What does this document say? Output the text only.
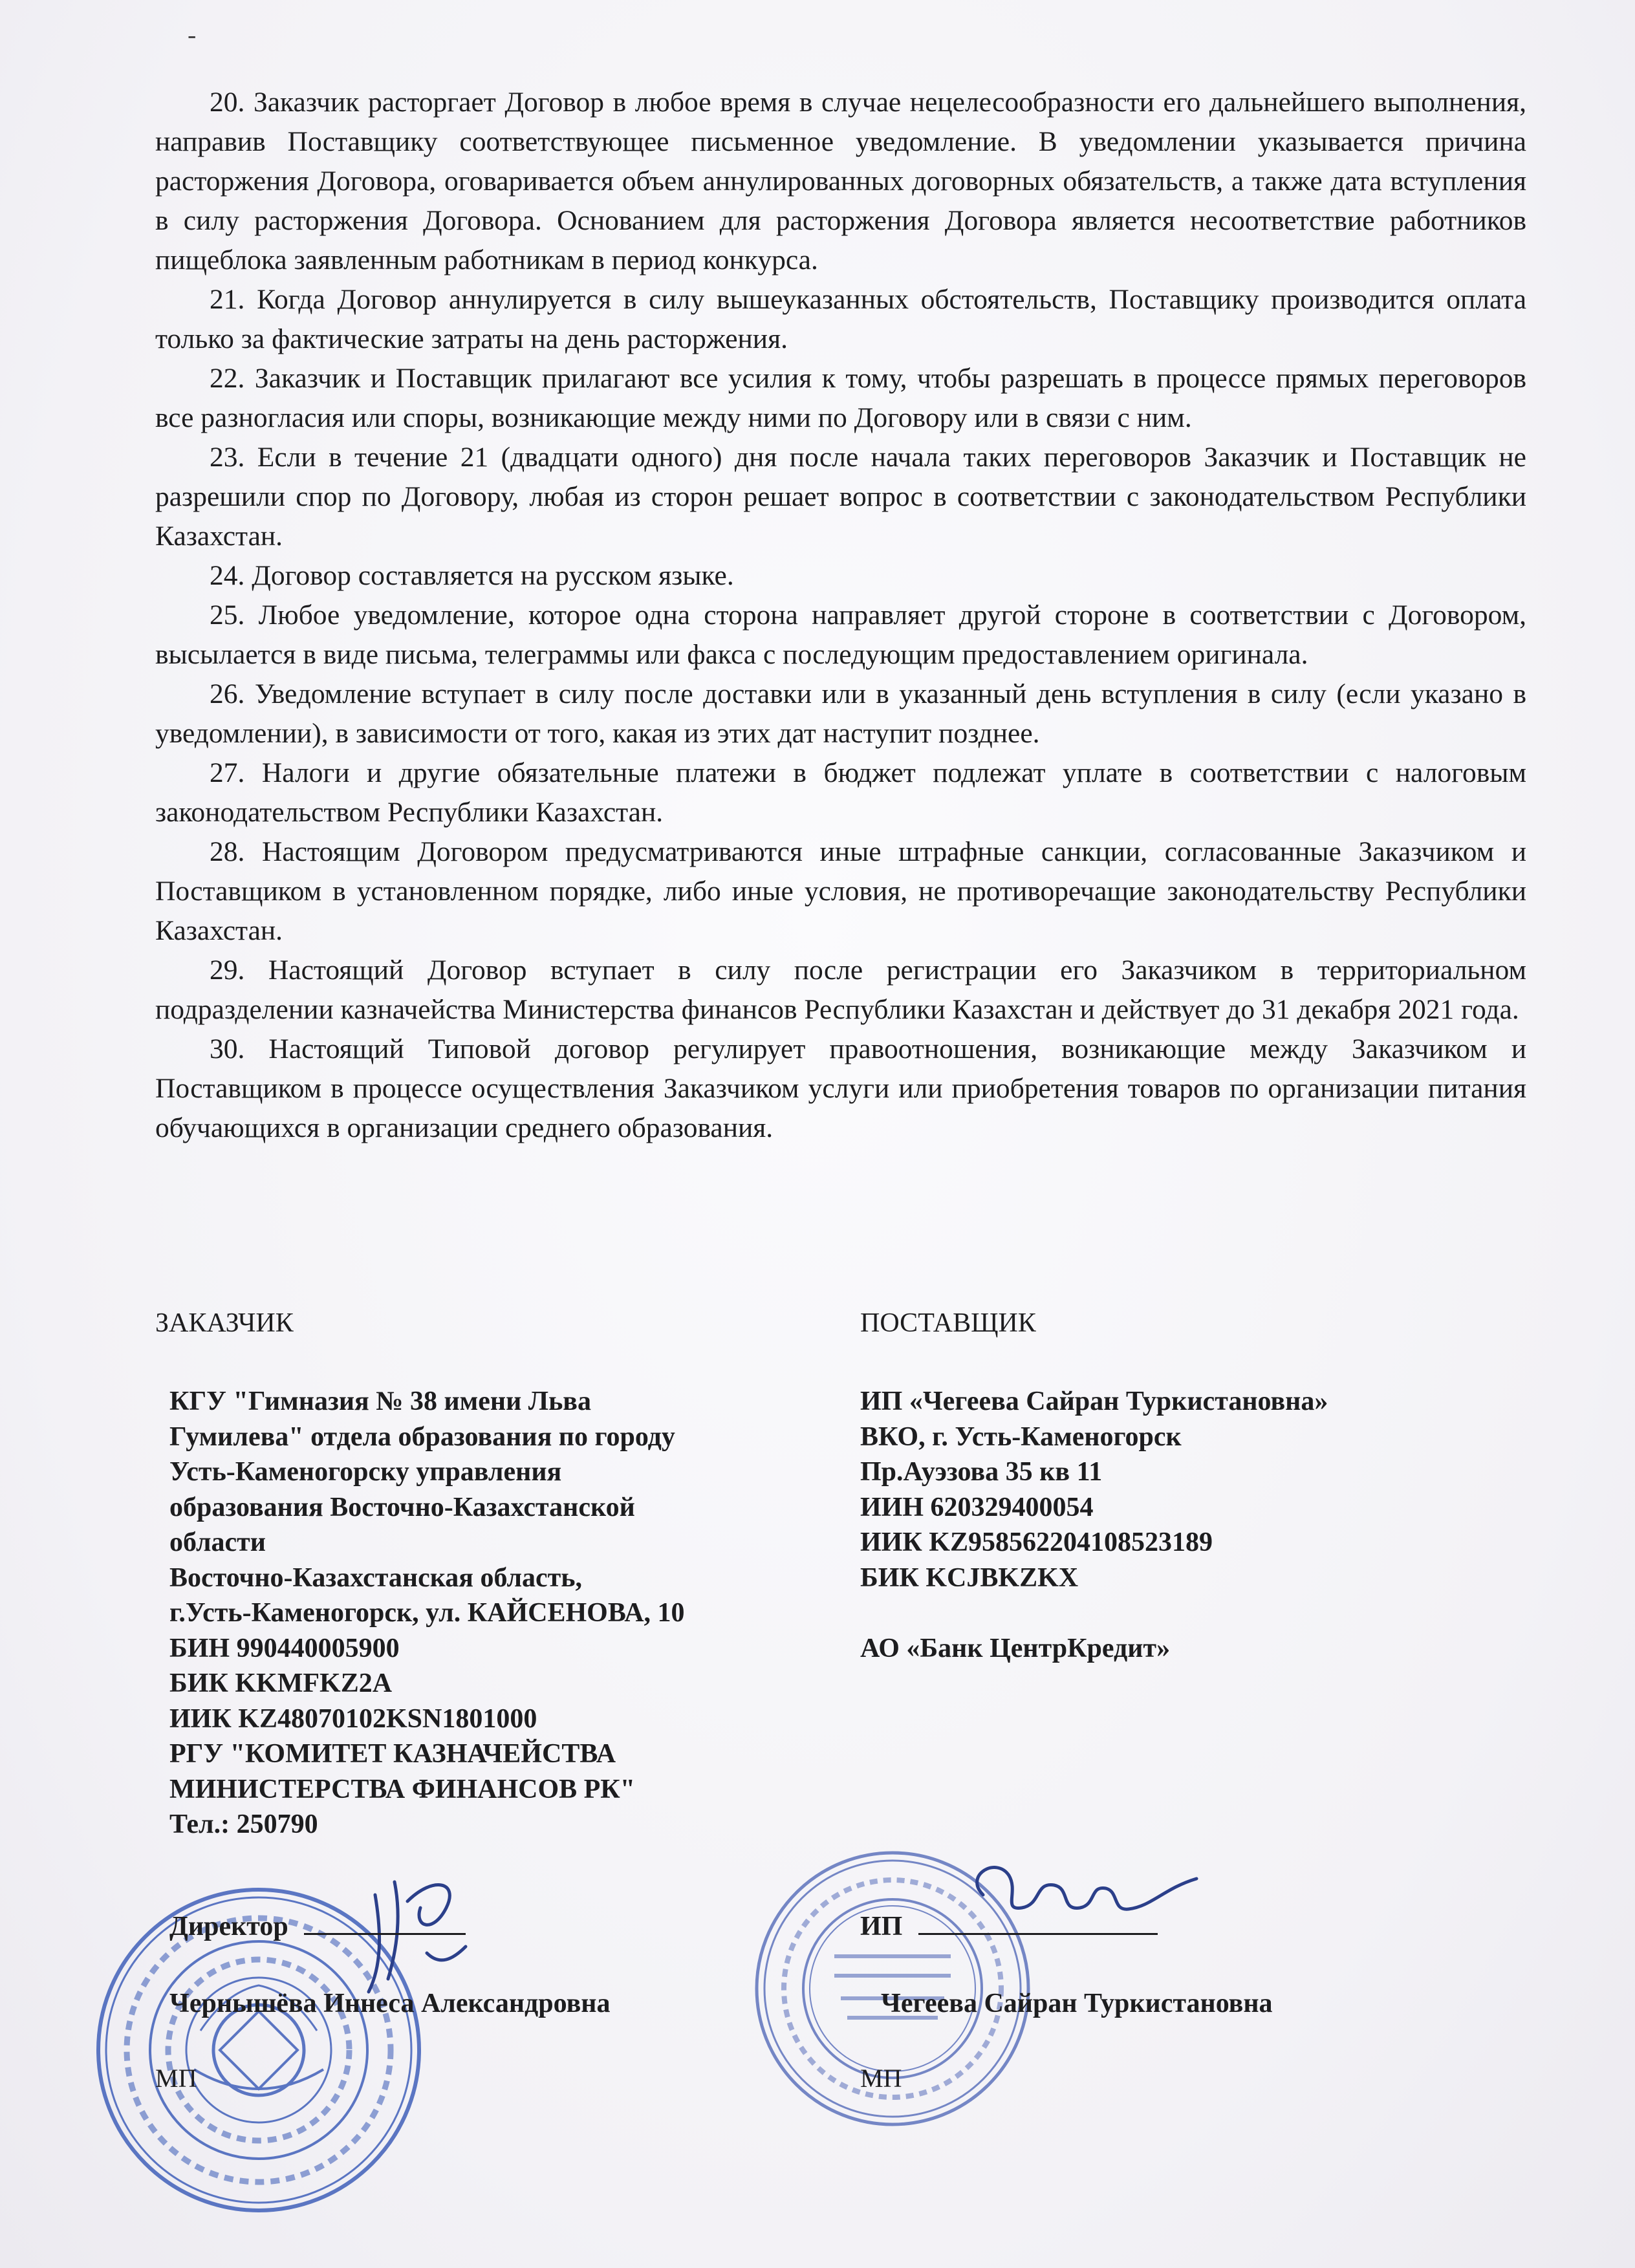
-

20. Заказчик расторгает Договор в любое время в случае нецелесообразности его дальнейшего выполнения, направив Поставщику соответствующее письменное уведомление. В уведомлении указывается причина расторжения Договора, оговаривается объем аннулированных договорных обязательств, а также дата вступления в силу расторжения Договора. Основанием для расторжения Договора является несоответствие работников пищеблока заявленным работникам в период конкурса.

21. Когда Договор аннулируется в силу вышеуказанных обстоятельств, Поставщику производится оплата только за фактические затраты на день расторжения.

22. Заказчик и Поставщик прилагают все усилия к тому, чтобы разрешать в процессе прямых переговоров все разногласия или споры, возникающие между ними по Договору или в связи с ним.

23. Если в течение 21 (двадцати одного) дня после начала таких переговоров Заказчик и Поставщик не разрешили спор по Договору, любая из сторон решает вопрос в соответствии с законодательством Республики Казахстан.

24. Договор составляется на русском языке.

25. Любое уведомление, которое одна сторона направляет другой стороне в соответствии с Договором, высылается в виде письма, телеграммы или факса с последующим предоставлением оригинала.

26. Уведомление вступает в силу после доставки или в указанный день вступления в силу (если указано в уведомлении), в зависимости от того, какая из этих дат наступит позднее.

27. Налоги и другие обязательные платежи в бюджет подлежат уплате в соответствии с налоговым законодательством Республики Казахстан.

28. Настоящим Договором предусматриваются иные штрафные санкции, согласованные Заказчиком и Поставщиком в установленном порядке, либо иные условия, не противоречащие законодательству Республики Казахстан.

29. Настоящий Договор вступает в силу после регистрации его Заказчиком в территориальном подразделении казначейства Министерства финансов Республики Казахстан и действует до 31 декабря 2021 года.

30. Настоящий Типовой договор регулирует правоотношения, возникающие между Заказчиком и Поставщиком в процессе осуществления Заказчиком услуги или приобретения товаров по организации питания обучающихся в организации среднего образования.

ЗАКАЗЧИК
КГУ "Гимназия № 38 имени Льва
Гумилева" отдела образования по городу
Усть-Каменогорску управления
образования Восточно-Казахстанской
области
Восточно-Казахстанская область,
г.Усть-Каменогорск, ул. КАЙСЕНОВА, 10
БИН 990440005900
БИК KKMFKZ2A
ИИК KZ48070102KSN1801000
РГУ "КОМИТЕТ КАЗНАЧЕЙСТВА
МИНИСТЕРСТВА ФИНАНСОВ РК"
Тел.: 250790
ПОСТАВЩИК
ИП «Чегеева Сайран Туркистановна»
ВКО, г. Усть-Каменогорск
Пр.Ауэзова 35 кв 11
ИИН 620329400054
ИИК KZ958562204108523189
БИК KCJBKZKX
АО «Банк ЦентрКредит»
Директор	ИП
Чернышёва Иннеса Александровна	Чегеева Сайран Туркистановна
МП	МП
